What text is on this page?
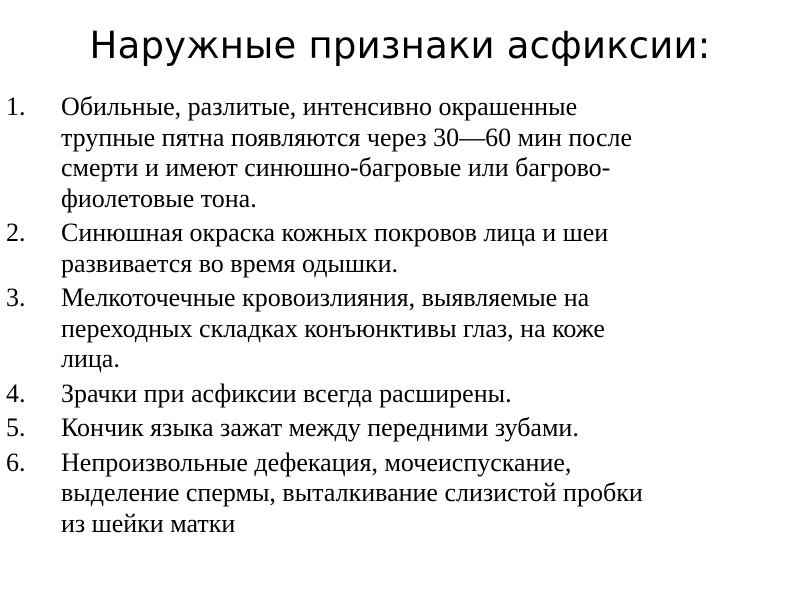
Наружные признаки асфиксии:
1. Обильные, разлитые, интенсивно окрашенные
трупные пятна появляются через 30—60 мин после
смерти и имеют синюшно-багровые или багрово-
фиолетовые тона.
2. Синюшная окраска кожных покровов лица и шеи
развивается во время одышки.
3. Мелкоточечные кровоизлияния, выявляемые на
переходных складках конъюнктивы глаз, на коже
лица.
4. Зрачки при асфиксии всегда расширены.
5. Кончик языка зажат между передними зубами.
6. Непроизвольные дефекация, мочеиспускание,
выделение спермы, выталкивание слизистой пробки
из шейки матки
